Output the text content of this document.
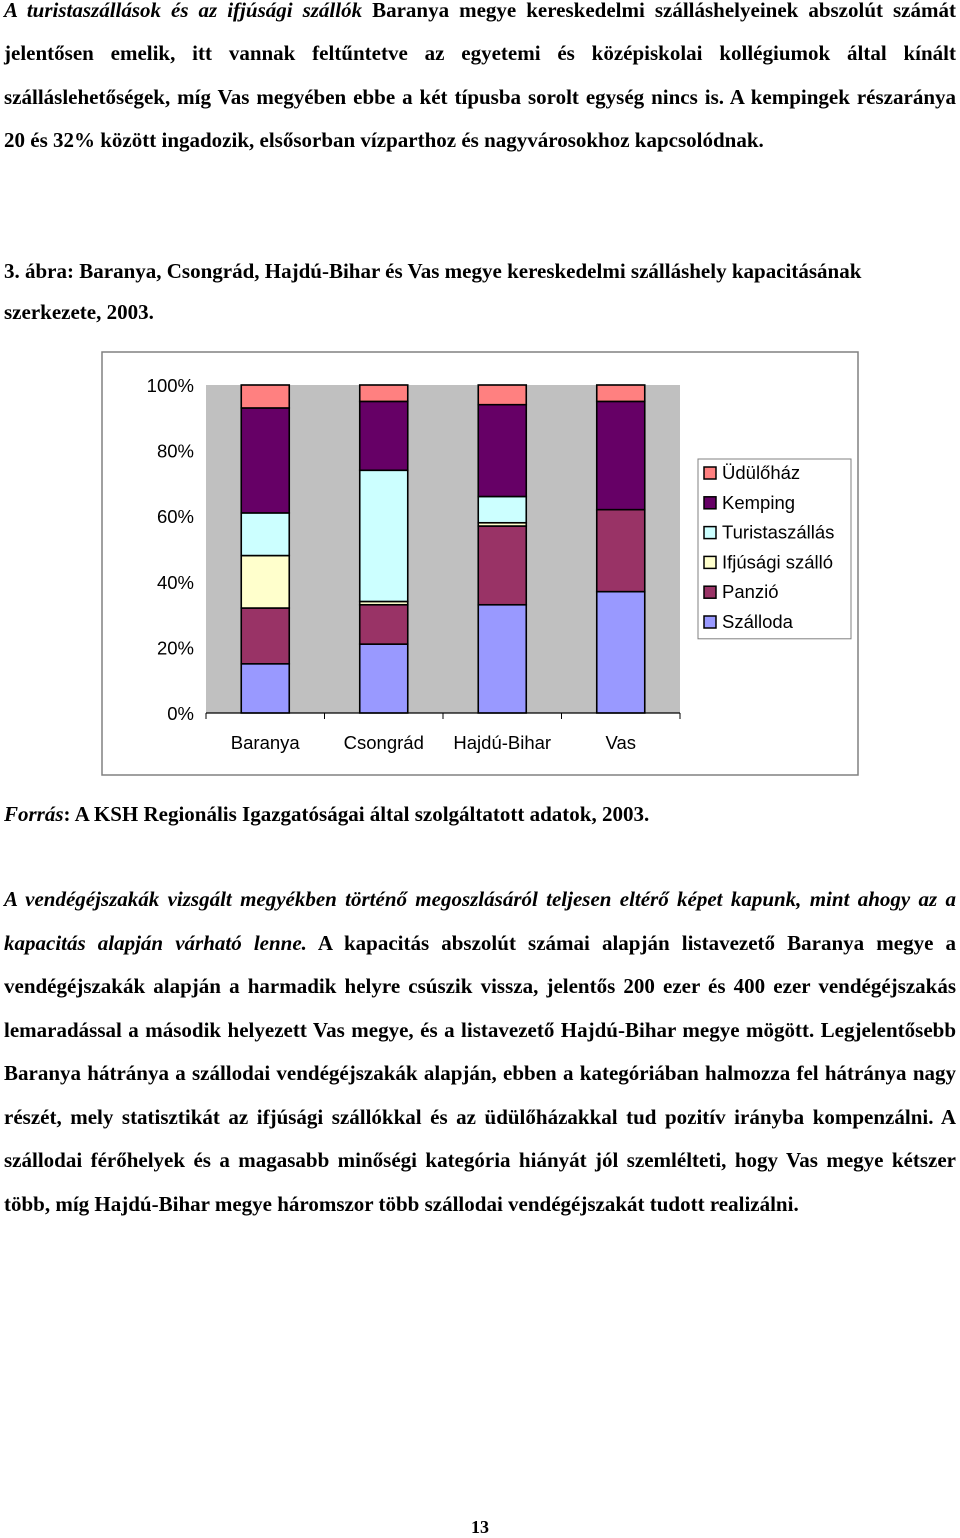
A turistaszállások és az ifjúsági szállók Baranya megye kereskedelmi szálláshelyeinek abszolút számát jelentősen emelik, itt vannak feltűntetve az egyetemi és középiskolai kollégiumok által kínált szálláslehetőségek, míg Vas megyében ebbe a két típusba sorolt egység nincs is. A kempingek részaránya 20 és 32% között ingadozik, elsősorban vízparthoz és nagyvárosokhoz kapcsolódnak.

3. ábra: Baranya, Csongrád, Hajdú-Bihar és Vas megye kereskedelmi szálláshely kapacitásának szerkezete, 2003.

0%
20%
40%
60%
80%
100%
Baranya Csongrád Hajdú-Bihar	Vas
Üdülőház
Kemping
Turistaszállás
Ifjúsági szálló
Panzió
Szálloda

Forrás: A KSH Regionális Igazgatóságai által szolgáltatott adatok, 2003.

A vendégéjszakák vizsgált megyékben történő megoszlásáról teljesen eltérő képet kapunk, mint ahogy az a kapacitás alapján várható lenne. A kapacitás abszolút számai alapján listavezető Baranya megye a vendégéjszakák alapján a harmadik helyre csúszik vissza, jelentős 200 ezer és 400 ezer vendégéjszakás lemaradással a második helyezett Vas megye, és a listavezető Hajdú-Bihar megye mögött. Legjelentősebb Baranya hátránya a szállodai vendégéjszakák alapján, ebben a kategóriában halmozza fel hátránya nagy részét, mely statisztikát az ifjúsági szállókkal és az üdülőházakkal tud pozitív irányba kompenzálni. A szállodai férőhelyek és a magasabb minőségi kategória hiányát jól szemlélteti, hogy Vas megye kétszer több, míg Hajdú-Bihar megye háromszor több szállodai vendégéjszakát tudott realizálni.

13
